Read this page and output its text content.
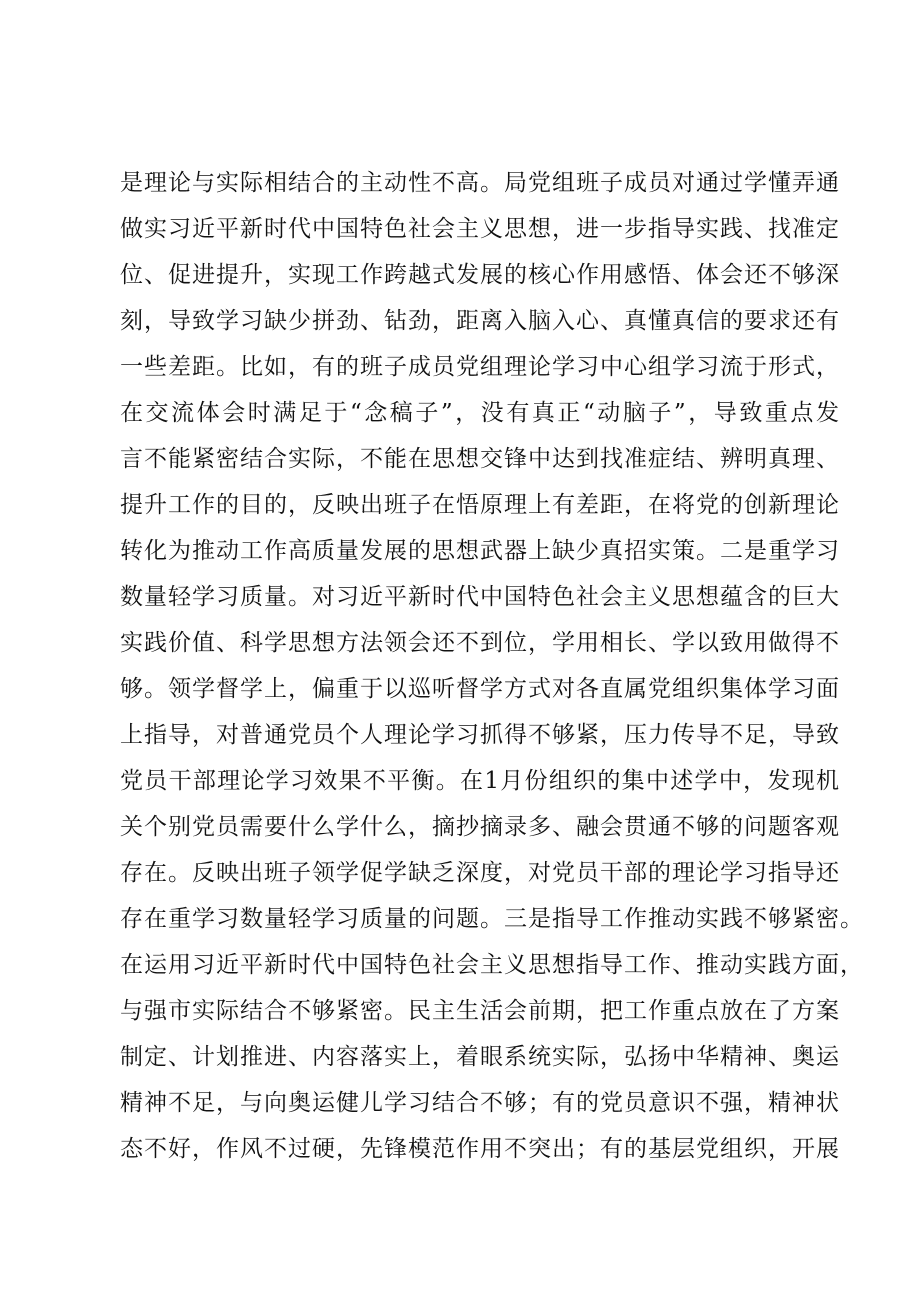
是理论与实际相结合的主动性不高。局党组班子成员对通过学懂弄通
做实习近平新时代中国特色社会主义思想，进一步指导实践、找准定
位、促进提升，实现工作跨越式发展的核心作用感悟、体会还不够深
刻，导致学习缺少拼劲、钻劲，距离入脑入心、真懂真信的要求还有
一些差距。比如，有的班子成员党组理论学习中心组学习流于形式，
在交流体会时满足于“念稿子”，没有真正“动脑子”，导致重点发
言不能紧密结合实际，不能在思想交锋中达到找准症结、辨明真理、
提升工作的目的，反映出班子在悟原理上有差距，在将党的创新理论
转化为推动工作高质量发展的思想武器上缺少真招实策。二是重学习
数量轻学习质量。对习近平新时代中国特色社会主义思想蕴含的巨大
实践价值、科学思想方法领会还不到位，学用相长、学以致用做得不
够。领学督学上，偏重于以巡听督学方式对各直属党组织集体学习面
上指导，对普通党员个人理论学习抓得不够紧，压力传导不足，导致
党员干部理论学习效果不平衡。在1月份组织的集中述学中，发现机
关个别党员需要什么学什么，摘抄摘录多、融会贯通不够的问题客观
存在。反映出班子领学促学缺乏深度，对党员干部的理论学习指导还
存在重学习数量轻学习质量的问题。三是指导工作推动实践不够紧密。
在运用习近平新时代中国特色社会主义思想指导工作、推动实践方面，
与强市实际结合不够紧密。民主生活会前期，把工作重点放在了方案
制定、计划推进、内容落实上，着眼系统实际，弘扬中华精神、奥运
精神不足，与向奥运健儿学习结合不够；有的党员意识不强，精神状
态不好，作风不过硬，先锋模范作用不突出；有的基层党组织，开展
